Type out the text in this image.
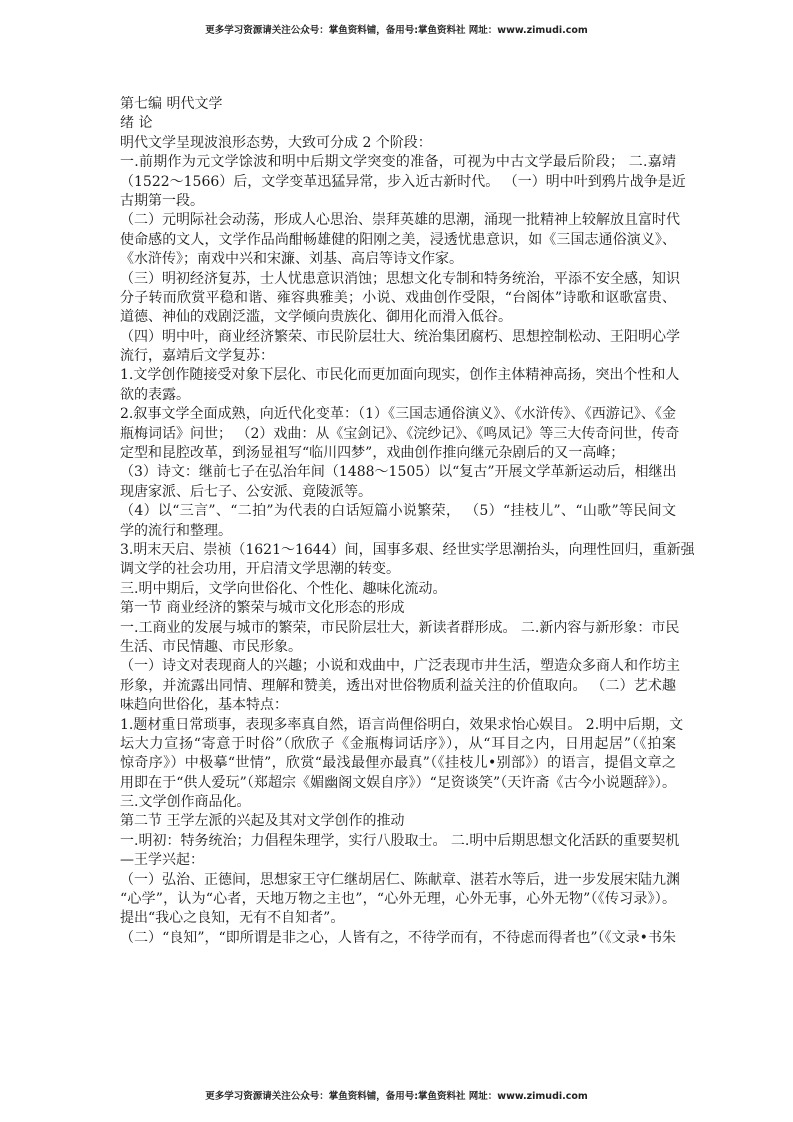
更多学习资源请关注公众号：掌鱼资料铺，备用号:掌鱼资料社 网址：www.zimudi.com
第七编 明代文学
绪 论
明代文学呈现波浪形态势，大致可分成 2 个阶段：
一.前期作为元文学馀波和明中后期文学突变的准备，可视为中古文学最后阶段； 二.嘉靖
（1522～1566）后，文学变革迅猛异常，步入近古新时代。 （一）明中叶到鸦片战争是近
古期第一段。
（二）元明际社会动荡，形成人心思治、崇拜英雄的思潮，涌现一批精神上较解放且富时代
使命感的文人，文学作品尚酣畅雄健的阳刚之美，浸透忧患意识，如《三国志通俗演义》、
《水浒传》；南戏中兴和宋濂、刘基、高启等诗文作家。
（三）明初经济复苏，士人忧患意识消蚀；思想文化专制和特务统治，平添不安全感，知识
分子转而欣赏平稳和谐、雍容典雅美；小说、戏曲创作受限，“台阁体”诗歌和讴歌富贵、
道德、神仙的戏剧泛滥，文学倾向贵族化、御用化而滑入低谷。
（四）明中叶，商业经济繁荣、市民阶层壮大、统治集团腐朽、思想控制松动、王阳明心学
流行，嘉靖后文学复苏：
1.文学创作随接受对象下层化、市民化而更加面向现实，创作主体精神高扬，突出个性和人
欲的表露。
2.叙事文学全面成熟，向近代化变革：（1）《三国志通俗演义》、《水浒传》、《西游记》、《金
瓶梅词话》问世； （2）戏曲：从《宝剑记》、《浣纱记》、《鸣凤记》等三大传奇问世，传奇
定型和昆腔改革，到汤显祖写“临川四梦”，戏曲创作推向继元杂剧后的又一高峰；
（3）诗文：继前七子在弘治年间（1488～1505）以“复古”开展文学革新运动后，相继出
现唐家派、后七子、公安派、竟陵派等。
（4）以“三言”、“二拍”为代表的白话短篇小说繁荣， （5）“挂枝儿”、“山歌”等民间文
学的流行和整理。
3.明末天启、崇祯（1621～1644）间，国事多艰、经世实学思潮抬头，向理性回归，重新强
调文学的社会功用，开启清文学思潮的转变。
三.明中期后，文学向世俗化、个性化、趣味化流动。
第一节 商业经济的繁荣与城市文化形态的形成
一.工商业的发展与城市的繁荣，市民阶层壮大，新读者群形成。 二.新内容与新形象：市民
生活、市民情趣、市民形象。
（一）诗文对表现商人的兴趣；小说和戏曲中，广泛表现市井生活，塑造众多商人和作坊主
形象，并流露出同情、理解和赞美，透出对世俗物质利益关注的价值取向。 （二）艺术趣
味趋向世俗化，基本特点：
1.题材重日常琐事，表现多率真自然，语言尚俚俗明白，效果求怡心娱目。 2.明中后期，文
坛大力宣扬“寄意于时俗”（欣欣子《金瓶梅词话序》），从“耳目之内，日用起居”（《拍案
惊奇序》）中极摹“世情”，欣赏“最浅最俚亦最真”（《挂枝儿•别部》）的语言，提倡文章之
用即在于“供人爱玩”（郑超宗《媚幽阁文娱自序》）“足资谈笑”（天许斋《古今小说题辞》）。
三.文学创作商品化。
第二节 王学左派的兴起及其对文学创作的推动
一.明初：特务统治；力倡程朱理学，实行八股取士。 二.明中后期思想文化活跃的重要契机
—王学兴起：
（一）弘治、正德间，思想家王守仁继胡居仁、陈献章、湛若水等后，进一步发展宋陆九渊
“心学”，认为“心者，天地万物之主也”，“心外无理，心外无事，心外无物”（《传习录》）。
提出“我心之良知，无有不自知者”。
（二）“良知”，“即所谓是非之心，人皆有之，不待学而有，不待虑而得者也”（《文录•书朱
更多学习资源请关注公众号：掌鱼资料铺，备用号:掌鱼资料社 网址：www.zimudi.com
